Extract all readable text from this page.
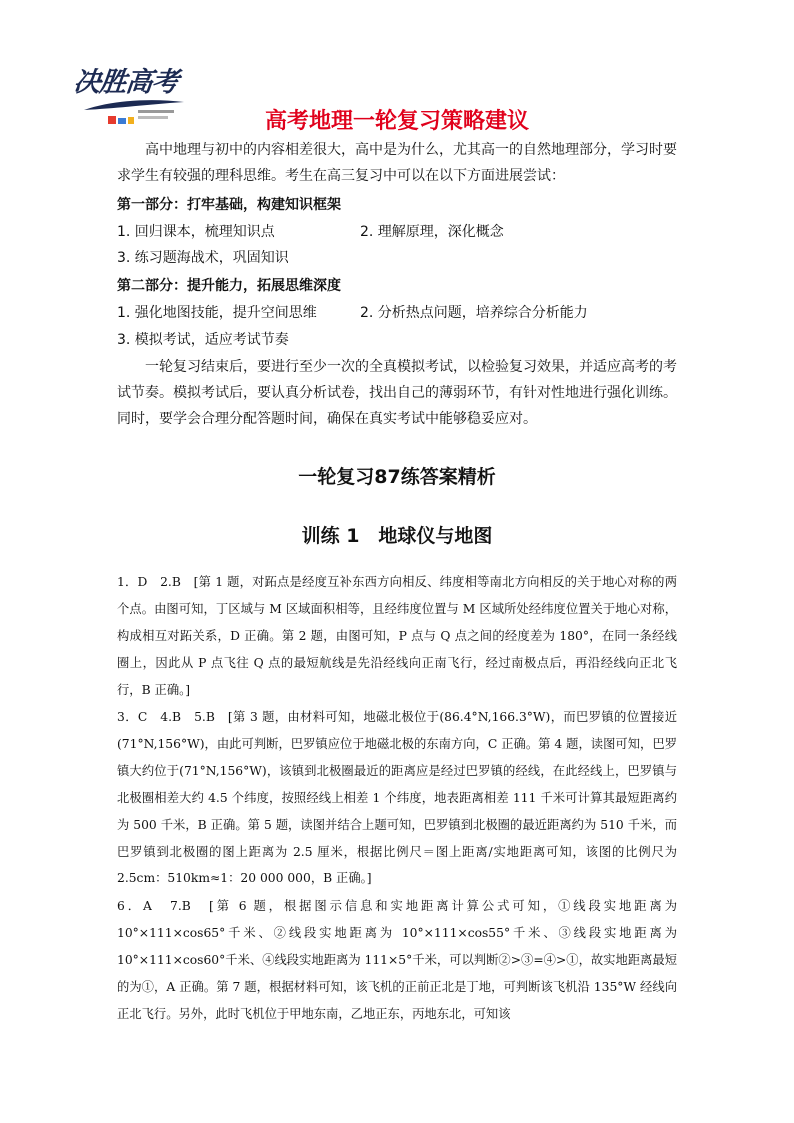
决胜高考
高考地理一轮复习策略建议
高中地理与初中的内容相差很大，高中是为什么，尤其高一的自然地理部分，学习时要求学生有较强的理科思维。考生在高三复习中可以在以下方面进展尝试：
第一部分：打牢基础，构建知识框架
1. 回归课本，梳理知识点	2. 理解原理，深化概念
3. 练习题海战术，巩固知识
第二部分：提升能力，拓展思维深度
1. 强化地图技能，提升空间思维	2. 分析热点问题，培养综合分析能力
3. 模拟考试，适应考试节奏
一轮复习结束后，要进行至少一次的全真模拟考试，以检验复习效果，并适应高考的考试节奏。模拟考试后，要认真分析试卷，找出自己的薄弱环节，有针对性地进行强化训练。同时，要学会合理分配答题时间，确保在真实考试中能够稳妥应对。
一轮复习87练答案精析
训练 1　地球仪与地图
1．D　2.B　[第 1 题，对跖点是经度互补东西方向相反、纬度相等南北方向相反的关于地心对称的两个点。由图可知，丁区域与 M 区域面积相等，且经纬度位置与 M 区域所处经纬度位置关于地心对称，构成相互对跖关系，D 正确。第 2 题，由图可知，P 点与 Q 点之间的经度差为 180°，在同一条经线圈上，因此从 P 点飞往 Q 点的最短航线是先沿经线向正南飞行，经过南极点后，再沿经线向正北飞行，B 正确。]
3．C　4.B　5.B　[第 3 题，由材料可知，地磁北极位于(86.4°N,166.3°W)，而巴罗镇的位置接近(71°N,156°W)，由此可判断，巴罗镇应位于地磁北极的东南方向，C 正确。第 4 题，读图可知，巴罗镇大约位于(71°N,156°W)，该镇到北极圈最近的距离应是经过巴罗镇的经线，在此经线上，巴罗镇与北极圈相差大约 4.5 个纬度，按照经线上相差 1 个纬度，地表距离相差 111 千米可计算其最短距离约为 500 千米，B 正确。第 5 题，读图并结合上题可知，巴罗镇到北极圈的最近距离约为 510 千米，而巴罗镇到北极圈的图上距离为 2.5 厘米，根据比例尺＝图上距离/实地距离可知，该图的比例尺为 2.5cm：510km≈1：20 000 000，B 正确。]
6．A　7.B　[第 6 题，根据图示信息和实地距离计算公式可知，①线段实地距离为 10°×111×cos65°千米、②线段实地距离为 10°×111×cos55°千米、③线段实地距离为 10°×111×cos60°千米、④线段实地距离为 111×5°千米，可以判断②>③=④>①，故实地距离最短的为①，A 正确。第 7 题，根据材料可知，该飞机的正前正北是丁地，可判断该飞机沿 135°W 经线向正北飞行。另外，此时飞机位于甲地东南，乙地正东，丙地东北，可知该
